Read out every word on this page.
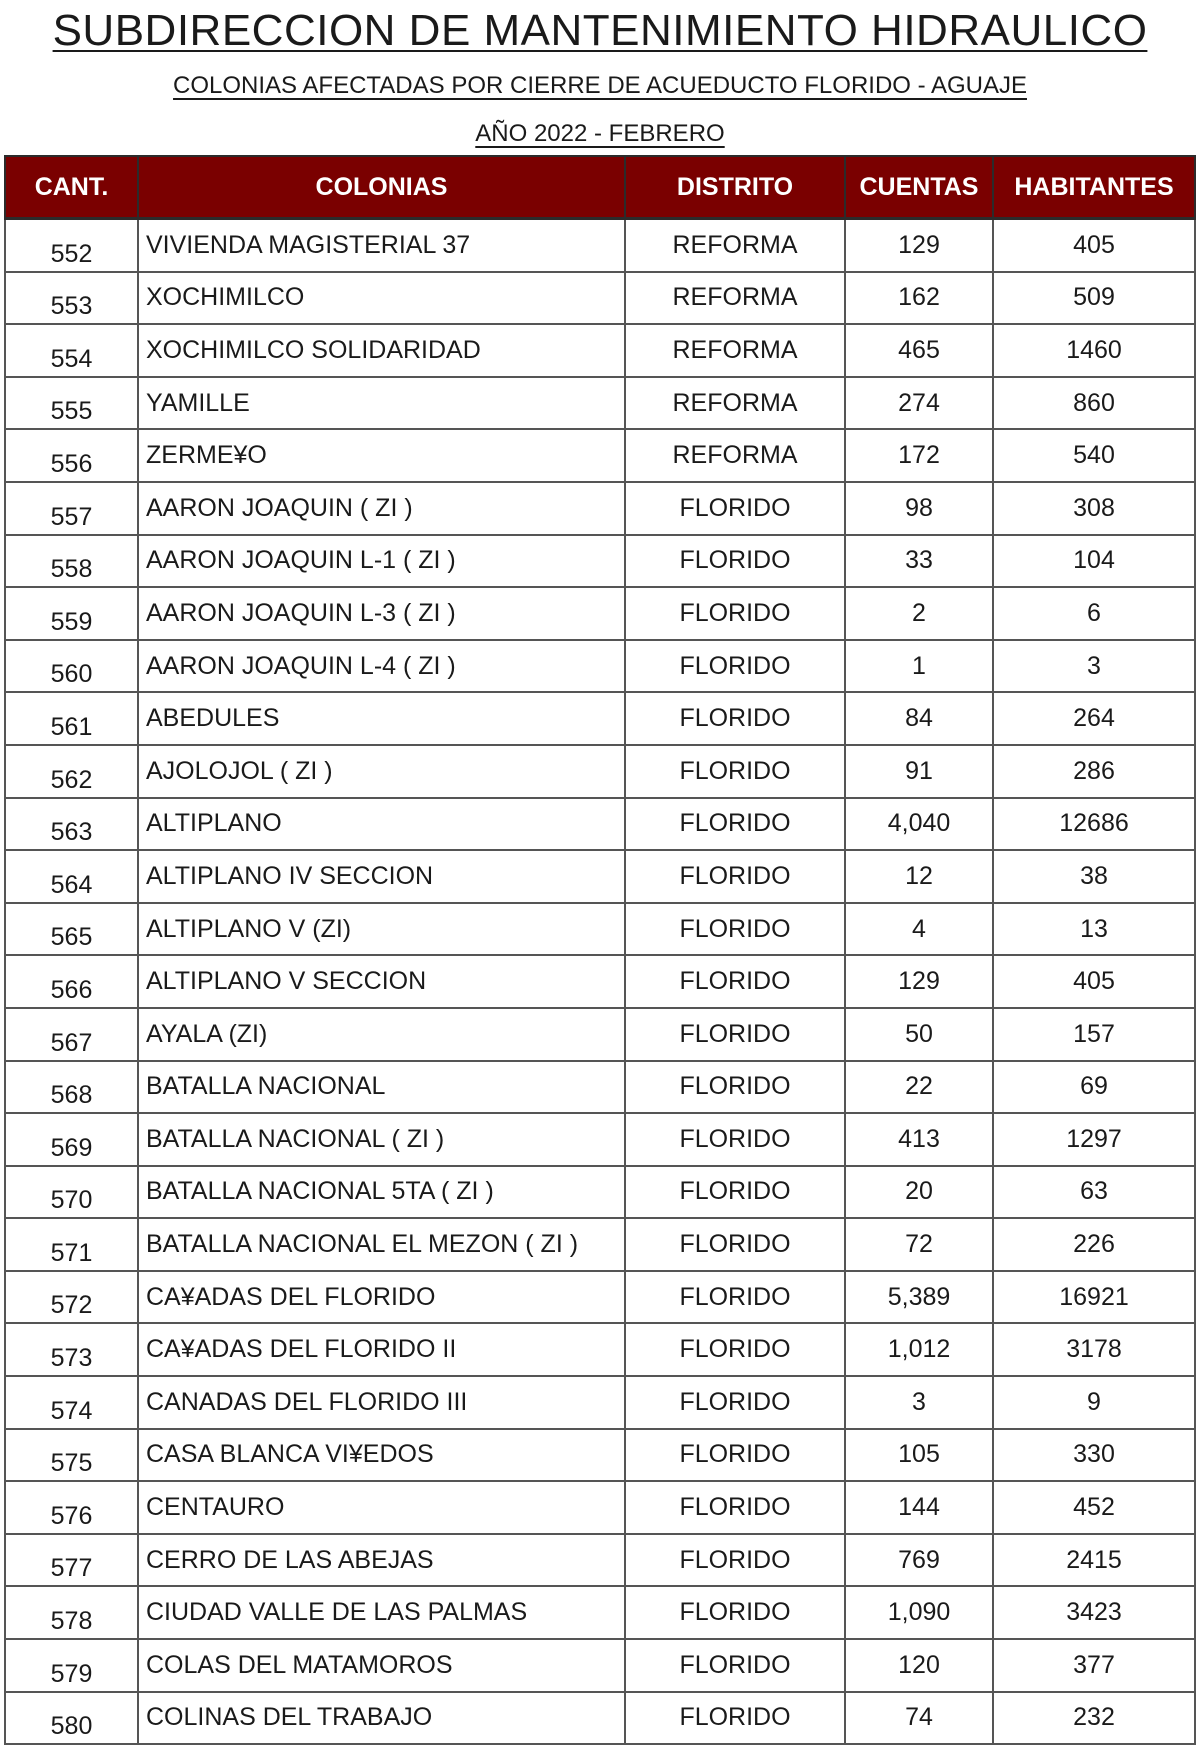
SUBDIRECCION DE MANTENIMIENTO HIDRAULICO
COLONIAS AFECTADAS POR CIERRE DE ACUEDUCTO FLORIDO - AGUAJE
AÑO 2022 - FEBRERO
CANT.	COLONIAS	DISTRITO	CUENTAS	HABITANTES
552	VIVIENDA MAGISTERIAL 37	REFORMA	129	405
553	XOCHIMILCO	REFORMA	162	509
554	XOCHIMILCO SOLIDARIDAD	REFORMA	465	1460
555	YAMILLE	REFORMA	274	860
556	ZERME¥O	REFORMA	172	540
557	AARON JOAQUIN ( ZI )	FLORIDO	98	308
558	AARON JOAQUIN L-1 ( ZI )	FLORIDO	33	104
559	AARON JOAQUIN L-3 ( ZI )	FLORIDO	2	6
560	AARON JOAQUIN L-4 ( ZI )	FLORIDO	1	3
561	ABEDULES	FLORIDO	84	264
562	AJOLOJOL ( ZI )	FLORIDO	91	286
563	ALTIPLANO	FLORIDO	4,040	12686
564	ALTIPLANO IV SECCION	FLORIDO	12	38
565	ALTIPLANO V (ZI)	FLORIDO	4	13
566	ALTIPLANO V SECCION	FLORIDO	129	405
567	AYALA (ZI)	FLORIDO	50	157
568	BATALLA NACIONAL	FLORIDO	22	69
569	BATALLA NACIONAL ( ZI )	FLORIDO	413	1297
570	BATALLA NACIONAL 5TA ( ZI )	FLORIDO	20	63
571	BATALLA NACIONAL EL MEZON ( ZI )	FLORIDO	72	226
572	CA¥ADAS DEL FLORIDO	FLORIDO	5,389	16921
573	CA¥ADAS DEL FLORIDO II	FLORIDO	1,012	3178
574	CANADAS DEL FLORIDO III	FLORIDO	3	9
575	CASA BLANCA VI¥EDOS	FLORIDO	105	330
576	CENTAURO	FLORIDO	144	452
577	CERRO DE LAS ABEJAS	FLORIDO	769	2415
578	CIUDAD VALLE DE LAS PALMAS	FLORIDO	1,090	3423
579	COLAS DEL MATAMOROS	FLORIDO	120	377
580	COLINAS DEL TRABAJO	FLORIDO	74	232
